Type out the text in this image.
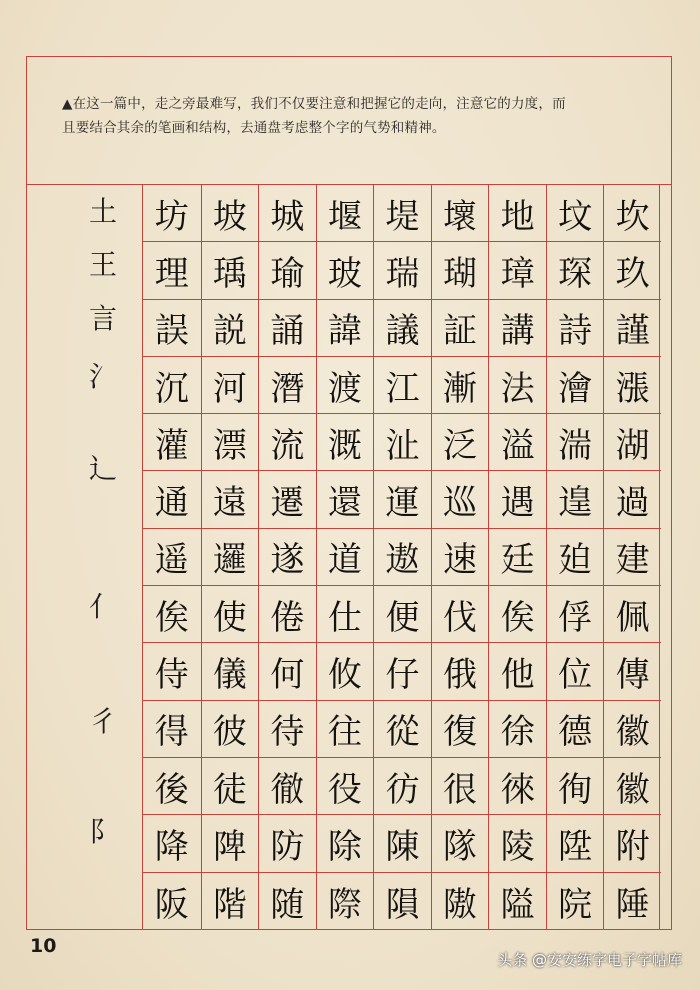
▲在这一篇中，走之旁最难写，我们不仅要注意和把握它的走向，注意它的力度，而
且要结合其余的笔画和结构，去通盘考虑整个字的气势和精神。
土
王
言
氵
辶
亻
彳
阝
坊
理
誤
沉
灌
通
遥
俟
侍
得
後
降
阪
坡
瑀
説
河
漂
遠
邏
使
儀
彼
徒
陴
階
城
瑜
誦
潛
流
遷
遂
倦
何
待
徹
防
随
堰
玻
諱
渡
溉
還
道
仕
攸
往
役
除
際
堤
瑞
議
江
沚
運
遨
便
仔
從
彷
陳
隕
壞
瑚
証
漸
泛
巡
速
伐
俄
復
很
隊
隞
地
璋
講
法
溢
遇
廷
俟
他
徐
徠
陵
隘
坟
琛
詩
澮
湍
遑
廹
俘
位
德
徇
陞
院
坎
玖
謹
漲
湖
過
建
佩
傳
徽
徽
附
陲
10
头条 @安安练字电子字帖库
